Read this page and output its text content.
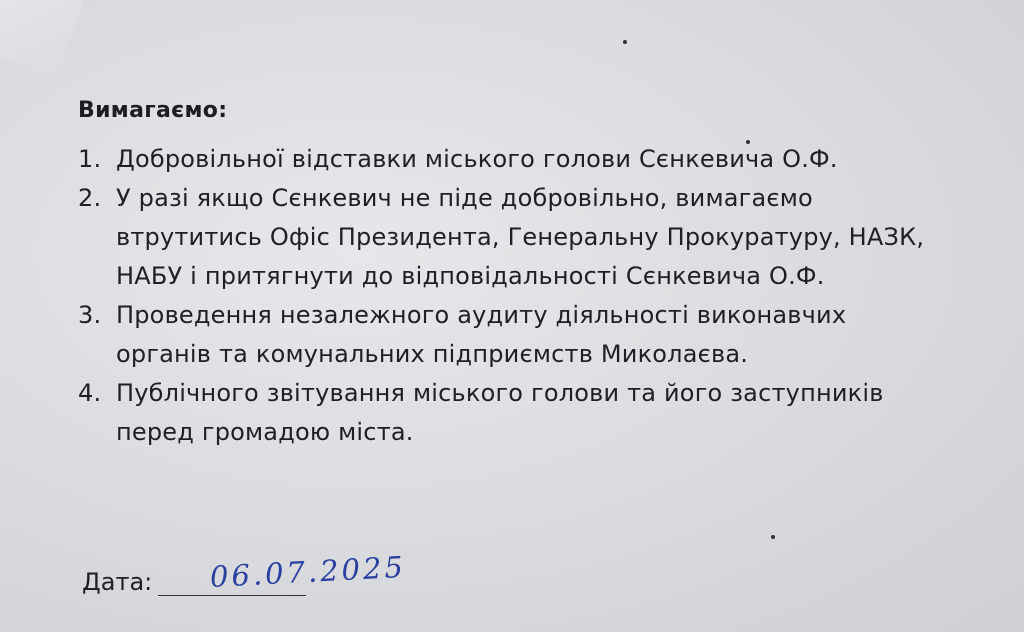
Вимагаємо:
1. Добровільної відставки міського голови Сєнкевича О.Ф.
2. У разі якщо Сєнкевич не піде добровільно, вимагаємо втрутитись Офіс Президента, Генеральну Прокуратуру, НАЗК, НАБУ і притягнути до відповідальності Сєнкевича О.Ф.
3. Проведення незалежного аудиту діяльності виконавчих органів та комунальних підприємств Миколаєва.
4. Публічного звітування міського голови та його заступників перед громадою міста.
Дата: 06.07.2025
